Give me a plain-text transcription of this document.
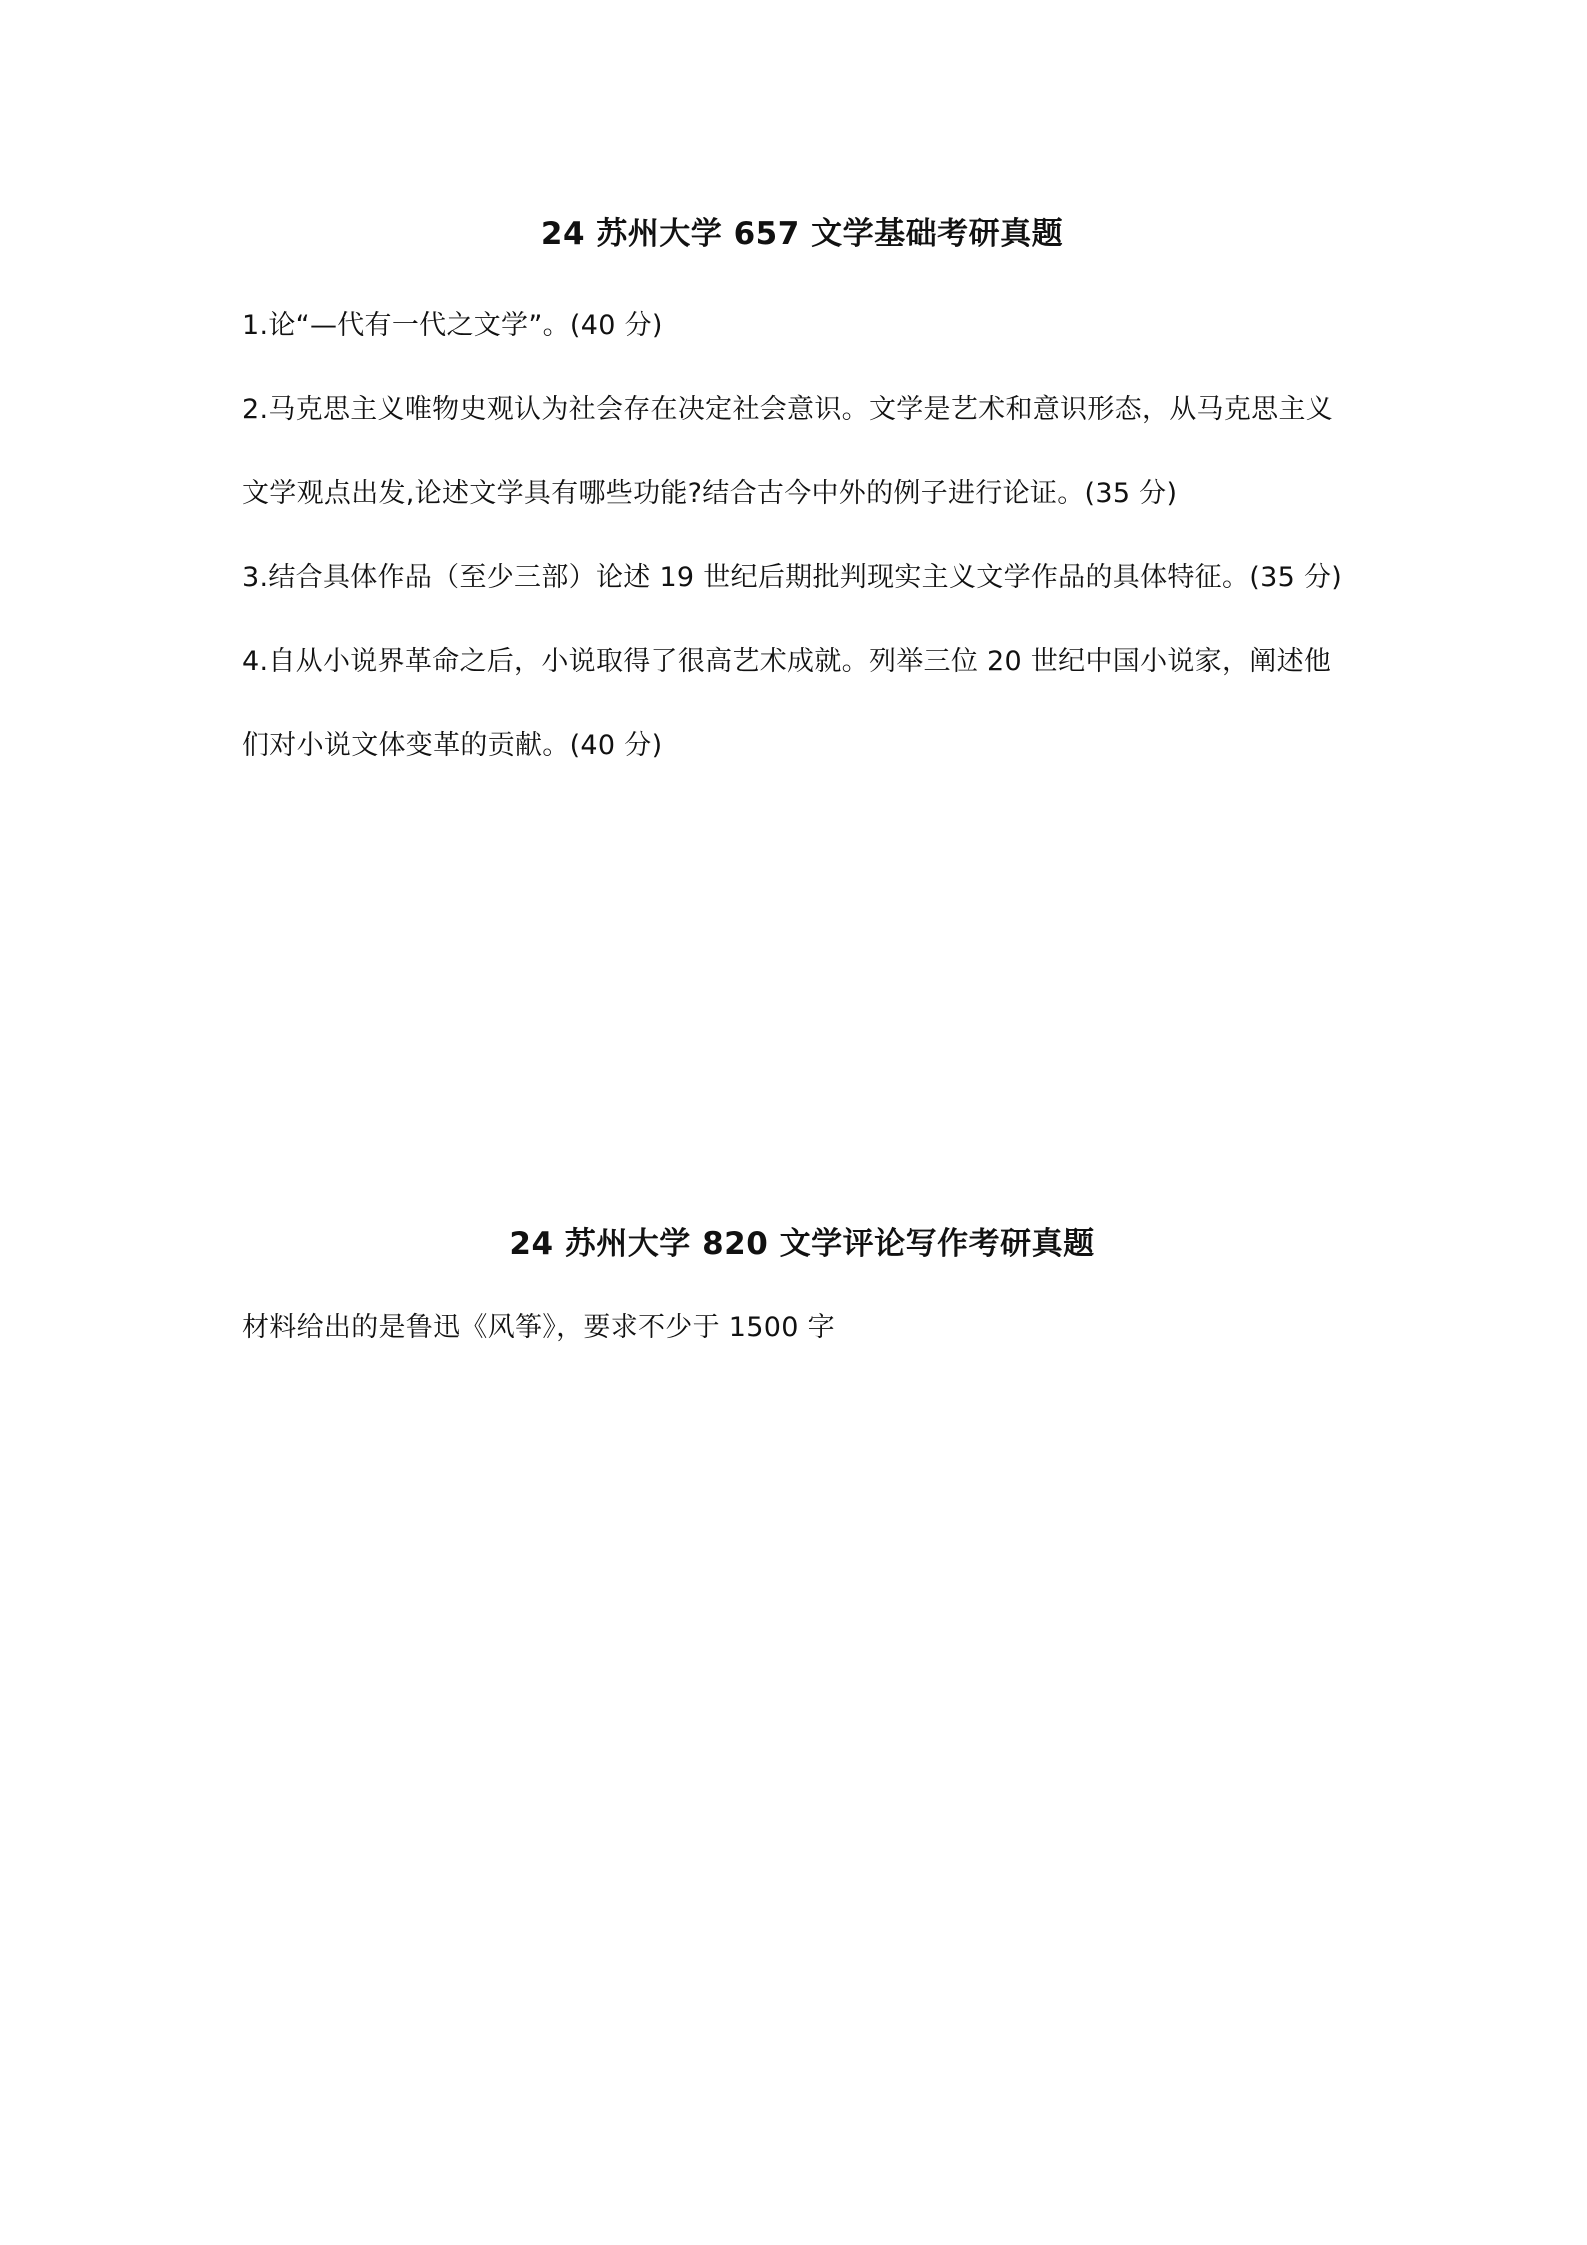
24 苏州大学 657 文学基础考研真题
1.论“—代有一代之文学”。(40 分)
2.马克思主义唯物史观认为社会存在决定社会意识。文学是艺术和意识形态，从马克思主义
文学观点出发,论述文学具有哪些功能?结合古今中外的例子进行论证。(35 分)
3.结合具体作品（至少三部）论述 19 世纪后期批判现实主义文学作品的具体特征。(35 分)
4.自从小说界革命之后，小说取得了很高艺术成就。列举三位 20 世纪中国小说家，阐述他
们对小说文体变革的贡献。(40 分)
24 苏州大学 820 文学评论写作考研真题
材料给出的是鲁迅《风筝》，要求不少于 1500 字
